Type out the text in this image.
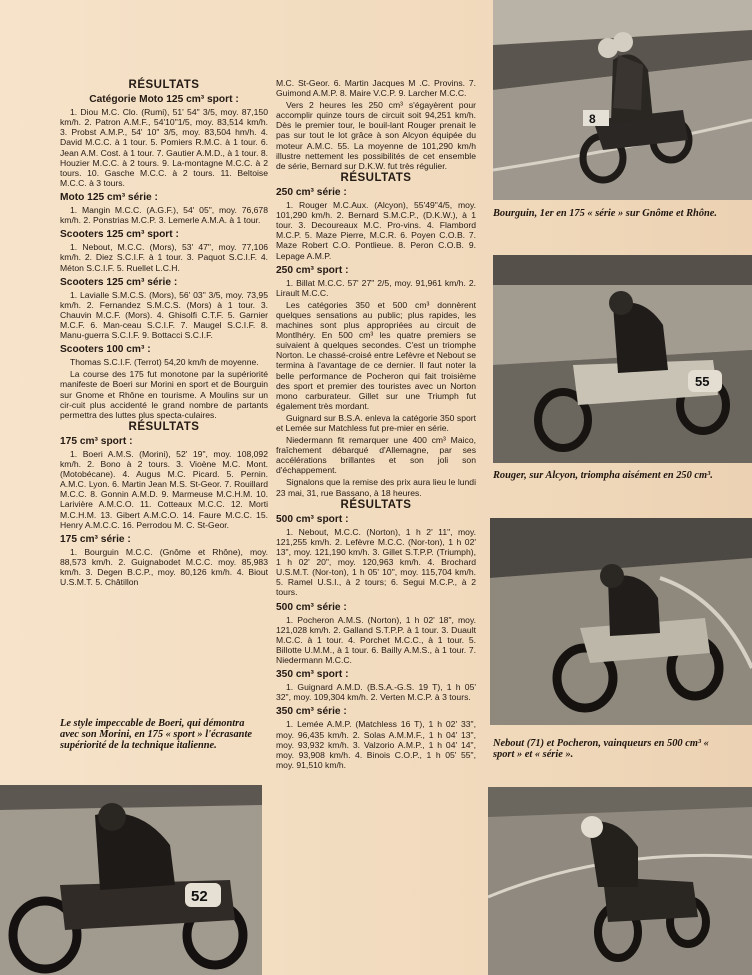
RÉSULTATS
Catégorie Moto 125 cm³ sport :
1. Diou M.C. Clo. (Rumi), 51' 54" 3/5, moy. 87,150 km/h. 2. Patron A.M.F., 54'10"1/5, moy. 83,514 km/h. 3. Probst A.M.P., 54' 10" 3/5, moy. 83,504 hm/h. 4. David M.C.C. à 1 tour. 5. Pomiers R.M.C. à 1 tour. 6. Jean A.M. Cost. à 1 tour. 7. Gautier A.M.D., à 1 tour. 8. Houzier M.C.C. à 2 tours. 9. La-montagne M.C.C. à 2 tours. 10. Gasche M.C.C. à 2 tours. 11. Beltoise M.C.C. à 3 tours.
Moto 125 cm³ série :
1. Mangin M.C.C. (A.G.F.), 54' 05", moy. 76,678 km/h. 2. Ponstrias M.C.P. 3. Lemerle A.M.A. à 1 tour.
Scooters 125 cm³ sport :
1. Nebout, M.C.C. (Mors), 53' 47", moy. 77,106 km/h. 2. Diez S.C.I.F. à 1 tour. 3. Paquot S.C.I.F. 4. Méton S.C.I.F. 5. Ruellet L.C.H.
Scooters 125 cm³ série :
1. Lavialle S.M.C.S. (Mors), 56' 03" 3/5, moy. 73,95 km/h. 2. Fernandez S.M.C.S. (Mors) à 1 tour. 3. Chauvin M.C.F. (Mors). 4. Ghisolfi C.T.F. 5. Garnier M.C.F. 6. Man-ceau S.C.I.F. 7. Maugel S.C.I.F. 8. Manu-guerra S.C.I.F. 9. Bottacci S.C.I.F.
Scooters 100 cm³ :
Thomas S.C.I.F. (Terrot) 54,20 km/h de moyenne.
La course des 175 fut monotone par la supériorité manifeste de Boeri sur Morini en sport et de Bourguin sur Gnome et Rhône en tourisme. A Moulins sur un cir-cuit plus accidenté le grand nombre de partants permettra des luttes plus specta-culaires.
RÉSULTATS
175 cm³ sport :
1. Boeri A.M.S. (Morini), 52' 19", moy. 108,092 km/h. 2. Bono à 2 tours. 3. Vioène M.C. Mont. (Motobécane). 4. Augus M.C. Picard. 5. Pernin. A.M.C. Lyon. 6. Martin Jean M.S. St-Geor. 7. Rouillard M.C.C. 8. Gonnin A.M.D. 9. Marmeuse M.C.H.M. 10. Larivière A.M.C.O. 11. Cotteaux M.C.C. 12. Morti M.C.H.M. 13. Gibert A.M.C.O. 14. Faure M.C.C. 15. Henry A.M.C.C. 16. Perrodou M. C. St-Geor.
175 cm³ série :
1. Bourguin M.C.C. (Gnôme et Rhône), moy. 88,573 km/h. 2. Guignabodet M.C.C. moy. 85,983 km/h. 3. Degen B.C.P., moy. 80,126 km/h. 4. Biout U.S.M.T. 5. Châtillon
M.C. St-Geor. 6. Martin Jacques M .C. Provins. 7. Guimond A.M.P. 8. Maire V.C.P. 9. Larcher M.C.C.
Vers 2 heures les 250 cm³ s'égayèrent pour accomplir quinze tours de circuit soit 94,251 km/h. Dès le premier tour, le bouil-lant Rouger prenait le pas sur tout le lot grâce à son Alcyon équipée du moteur A.M.C. 55. La moyenne de 101,290 km/h illustre nettement les possibilités de cet ensemble de série, Bernard sur D.K.W. fut très régulier.
RÉSULTATS
250 cm³ série :
1. Rouger M.C.Aux. (Alcyon), 55'49"4/5, moy. 101,290 km/h. 2. Bernard S.M.C.P., (D.K.W.), à 1 tour. 3. Decoureaux M.C. Pro-vins. 4. Flambord M.C.P. 5. Maze Pierre, M.C.R. 6. Poyen C.O.B. 7. Maze Robert C.O. Pontlieue. 8. Peron C.O.B. 9. Lepage A.M.P.
250 cm³ sport :
1. Billat M.C.C. 57' 27" 2/5, moy. 91,961 km/h. 2. Lirault M.C.C.
Les catégories 350 et 500 cm³ donnèrent quelques sensations au public; plus rapides, les machines sont plus appropriées au circuit de Montlhéry. En 500 cm³ les quatre premiers se suivaient à quelques secondes. C'est un triomphe Norton. Le chassé-croisé entre Lefèvre et Nebout se termina à l'avantage de ce dernier. Il faut noter la belle performance de Pocheron qui fait troisième des sport et premier des touristes avec un Norton mono carburateur. Gillet sur une Triumph fut également très mordant.
Guignard sur B.S.A. enleva la catégorie 350 sport et Lemée sur Matchless fut pre-mier en série.
Niedermann fit remarquer une 400 cm³ Maico, fraîchement débarqué d'Allemagne, par ses accélérations brillantes et son joli son d'échappement.
Signalons que la remise des prix aura lieu le lundi 23 mai, 31, rue Bassano, à 18 heures.
RÉSULTATS
500 cm³ sport :
1. Nebout, M.C.C. (Norton), 1 h 2' 11", moy. 121,255 km/h. 2. Lefèvre M.C.C. (Nor-ton), 1 h 02' 13", moy. 121,190 km/h. 3. Gillet S.T.P.P. (Triumph), 1 h 02' 20", moy. 120,963 km/h. 4. Brochard U.S.M.T. (Nor-ton), 1 h 05' 10", moy. 115,704 km/h. 5. Ramel U.S.I., à 2 tours; 6. Segui M.C.P., à 2 tours.
500 cm³ série :
1. Pocheron A.M.S. (Norton), 1 h 02' 18", moy. 121,028 km/h. 2. Galland S.T.P.P. à 1 tour. 3. Duault M.C.C. à 1 tour. 4. Porchet M.C.C., à 1 tour. 5. Billotte U.M.M., à 1 tour. 6. Bailly A.M.S., à 1 tour. 7. Niedermann M.C.C.
350 cm³ sport :
1. Guignard A.M.D. (B.S.A.-G.S. 19 T), 1 h 05' 32", moy. 109,304 km/h. 2. Verten M.C.P. à 3 tours.
350 cm³ série :
1. Lemée A.M.P. (Matchless 16 T), 1 h 02' 33", moy. 96,435 km/h. 2. Solas A.M.M.F., 1 h 04' 13", moy. 93,932 km/h. 3. Valzorio A.M.P., 1 h 04' 14", moy. 93,908 km/h. 4. Binois C.O.P., 1 h 05' 55", moy. 91,510 km/h.
Le style impeccable de Boeri, qui démontra avec son Morini, en 175 « sport » l'écrasante supériorité de la technique italienne.
Bourguin, 1er en 175 « série » sur Gnôme et Rhône.
Rouger, sur Alcyon, triompha aisément en 250 cm³.
Nebout (71) et Pocheron, vainqueurs en 500 cm³ « sport » et « série ».
8
55
52
